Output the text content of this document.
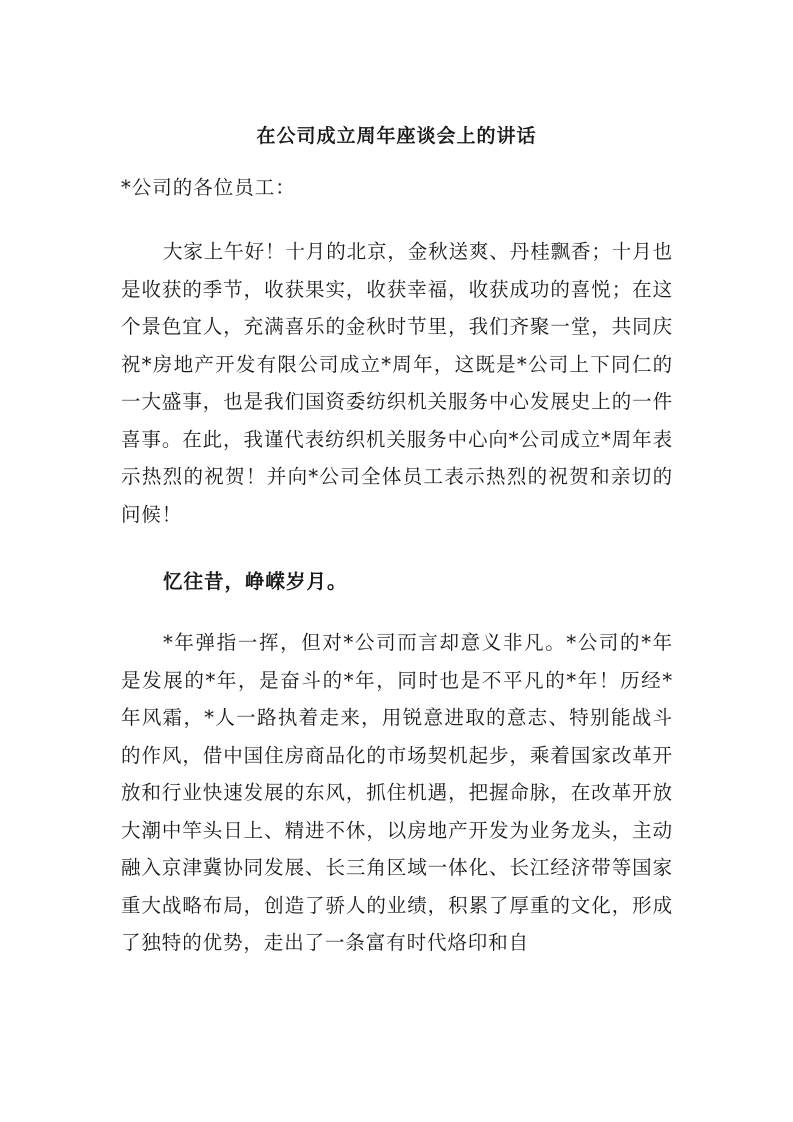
在公司成立周年座谈会上的讲话
*公司的各位员工：

大家上午好！十月的北京，金秋送爽、丹桂飘香；十月也是收获的季节，收获果实，收获幸福，收获成功的喜悦；在这个景色宜人，充满喜乐的金秋时节里，我们齐聚一堂，共同庆祝*房地产开发有限公司成立*周年，这既是*公司上下同仁的一大盛事，也是我们国资委纺织机关服务中心发展史上的一件喜事。在此，我谨代表纺织机关服务中心向*公司成立*周年表示热烈的祝贺！并向*公司全体员工表示热烈的祝贺和亲切的问候！

忆往昔，峥嵘岁月。

*年弹指一挥，但对*公司而言却意义非凡。*公司的*年是发展的*年，是奋斗的*年，同时也是不平凡的*年！历经*年风霜，*人一路执着走来，用锐意进取的意志、特别能战斗的作风，借中国住房商品化的市场契机起步，乘着国家改革开放和行业快速发展的东风，抓住机遇，把握命脉，在改革开放大潮中竿头日上、精进不休，以房地产开发为业务龙头，主动融入京津冀协同发展、长三角区域一体化、长江经济带等国家重大战略布局，创造了骄人的业绩，积累了厚重的文化，形成了独特的优势，走出了一条富有时代烙印和自
